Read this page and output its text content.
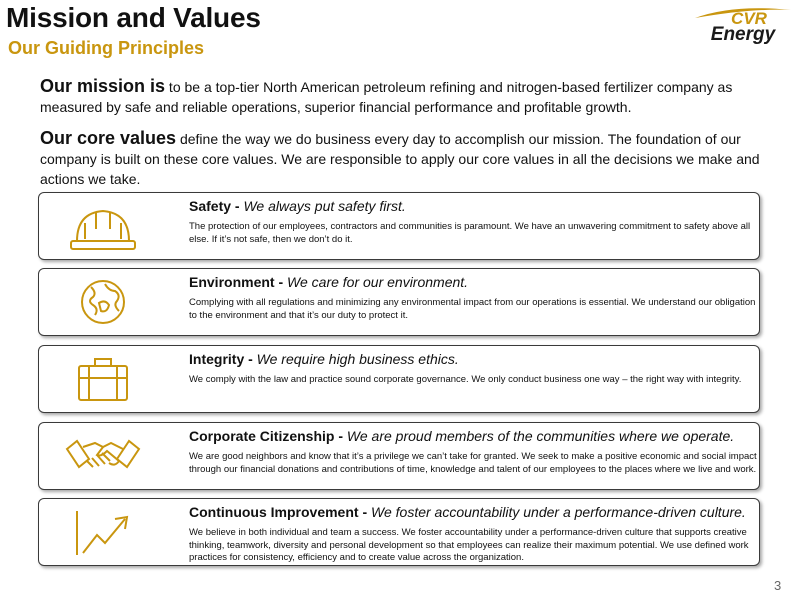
Mission and Values
Our Guiding Principles
CVR
Energy
Our mission is to be a top-tier North American petroleum refining and nitrogen-based fertilizer company as measured by safe and reliable operations, superior financial performance and profitable growth.
Our core values define the way we do business every day to accomplish our mission. The foundation of our company is built on these core values. We are responsible to apply our core values in all the decisions we make and actions we take.
Safety - We always put safety first.
The protection of our employees, contractors and communities is paramount. We have an unwavering commitment to safety above all else. If it’s not safe, then we don’t do it.
Environment - We care for our environment.
Complying with all regulations and minimizing any environmental impact from our operations is essential. We understand our obligation to the environment and that it’s our duty to protect it.
Integrity - We require high business ethics.
We comply with the law and practice sound corporate governance. We only conduct business one way – the right way with integrity.
Corporate Citizenship - We are proud members of the communities where we operate.
We are good neighbors and know that it’s a privilege we can’t take for granted. We seek to make a positive economic and social impact through our financial donations and contributions of time, knowledge and talent of our employees to the places where we live and work.
Continuous Improvement - We foster accountability under a performance-driven culture.
We believe in both individual and team a success. We foster accountability under a performance-driven culture that supports creative thinking, teamwork, diversity and personal development so that employees can realize their maximum potential. We use defined work practices for consistency, efficiency and to create value across the organization.
3
